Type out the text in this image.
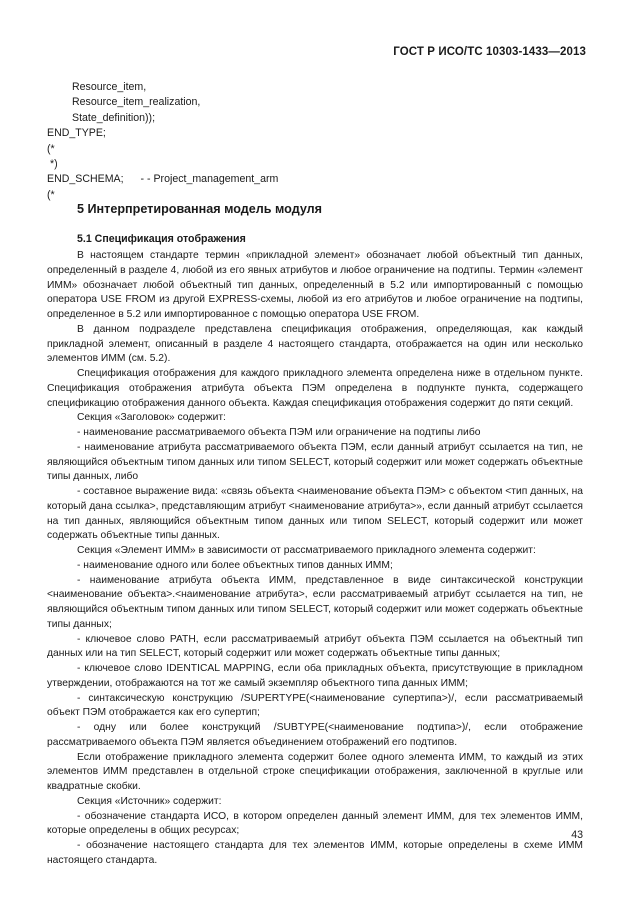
ГОСТ Р ИСО/ТС 10303-1433—2013
Resource_item,
Resource_item_realization,
State_definition));
END_TYPE;
(*
*)
END_SCHEMA; - - Project_management_arm
(*
5 Интерпретированная модель модуля
5.1 Спецификация отображения

В настоящем стандарте термин «прикладной элемент» обозначает любой объектный тип данных, определенный в разделе 4, любой из его явных атрибутов и любое ограничение на подтипы. Термин «элемент ИММ» обозначает любой объектный тип данных, определенный в 5.2 или импортированный с помощью оператора USE FROM из другой EXPRESS-схемы, любой из его атрибутов и любое ограничение на подтипы, определенное в 5.2 или импортированное с помощью оператора USE FROM.

В данном подразделе представлена спецификация отображения, определяющая, как каждый прикладной элемент, описанный в разделе 4 настоящего стандарта, отображается на один или несколько элементов ИММ (см. 5.2).

Спецификация отображения для каждого прикладного элемента определена ниже в отдельном пункте. Спецификация отображения атрибута объекта ПЭМ определена в подпункте пункта, содержащего спецификацию отображения данного объекта. Каждая спецификация отображения содержит до пяти секций.

Секция «Заголовок» содержит:

- наименование рассматриваемого объекта ПЭМ или ограничение на подтипы либо

- наименование атрибута рассматриваемого объекта ПЭМ, если данный атрибут ссылается на тип, не являющийся объектным типом данных или типом SELECT, который содержит или может содержать объектные типы данных, либо

- составное выражение вида: «связь объекта <наименование объекта ПЭМ> с объектом <тип данных, на который дана ссылка>, представляющим атрибут <наименование атрибута>», если данный атрибут ссылается на тип данных, являющийся объектным типом данных или типом SELECT, который содержит или может содержать объектные типы данных.

Секция «Элемент ИММ» в зависимости от рассматриваемого прикладного элемента содержит:

- наименование одного или более объектных типов данных ИММ;

- наименование атрибута объекта ИММ, представленное в виде синтаксической конструкции <наименование объекта>.<наименование атрибута>, если рассматриваемый атрибут ссылается на тип, не являющийся объектным типом данных или типом SELECT, который содержит или может содержать объектные типы данных;

- ключевое слово PATH, если рассматриваемый атрибут объекта ПЭМ ссылается на объектный тип данных или на тип SELECT, который содержит или может содержать объектные типы данных;

- ключевое слово IDENTICAL MAPPING, если оба прикладных объекта, присутствующие в прикладном утверждении, отображаются на тот же самый экземпляр объектного типа данных ИММ;

- синтаксическую конструкцию /SUPERTYPE(<наименование супертипа>)/, если рассматриваемый объект ПЭМ отображается как его супертип;

- одну или более конструкций /SUBTYPE(<наименование подтипа>)/, если отображение рассматриваемого объекта ПЭМ является объединением отображений его подтипов.

Если отображение прикладного элемента содержит более одного элемента ИММ, то каждый из этих элементов ИММ представлен в отдельной строке спецификации отображения, заключенной в круглые или квадратные скобки.

Секция «Источник» содержит:

- обозначение стандарта ИСО, в котором определен данный элемент ИММ, для тех элементов ИММ, которые определены в общих ресурсах;

- обозначение настоящего стандарта для тех элементов ИММ, которые определены в схеме ИММ настоящего стандарта.

43
